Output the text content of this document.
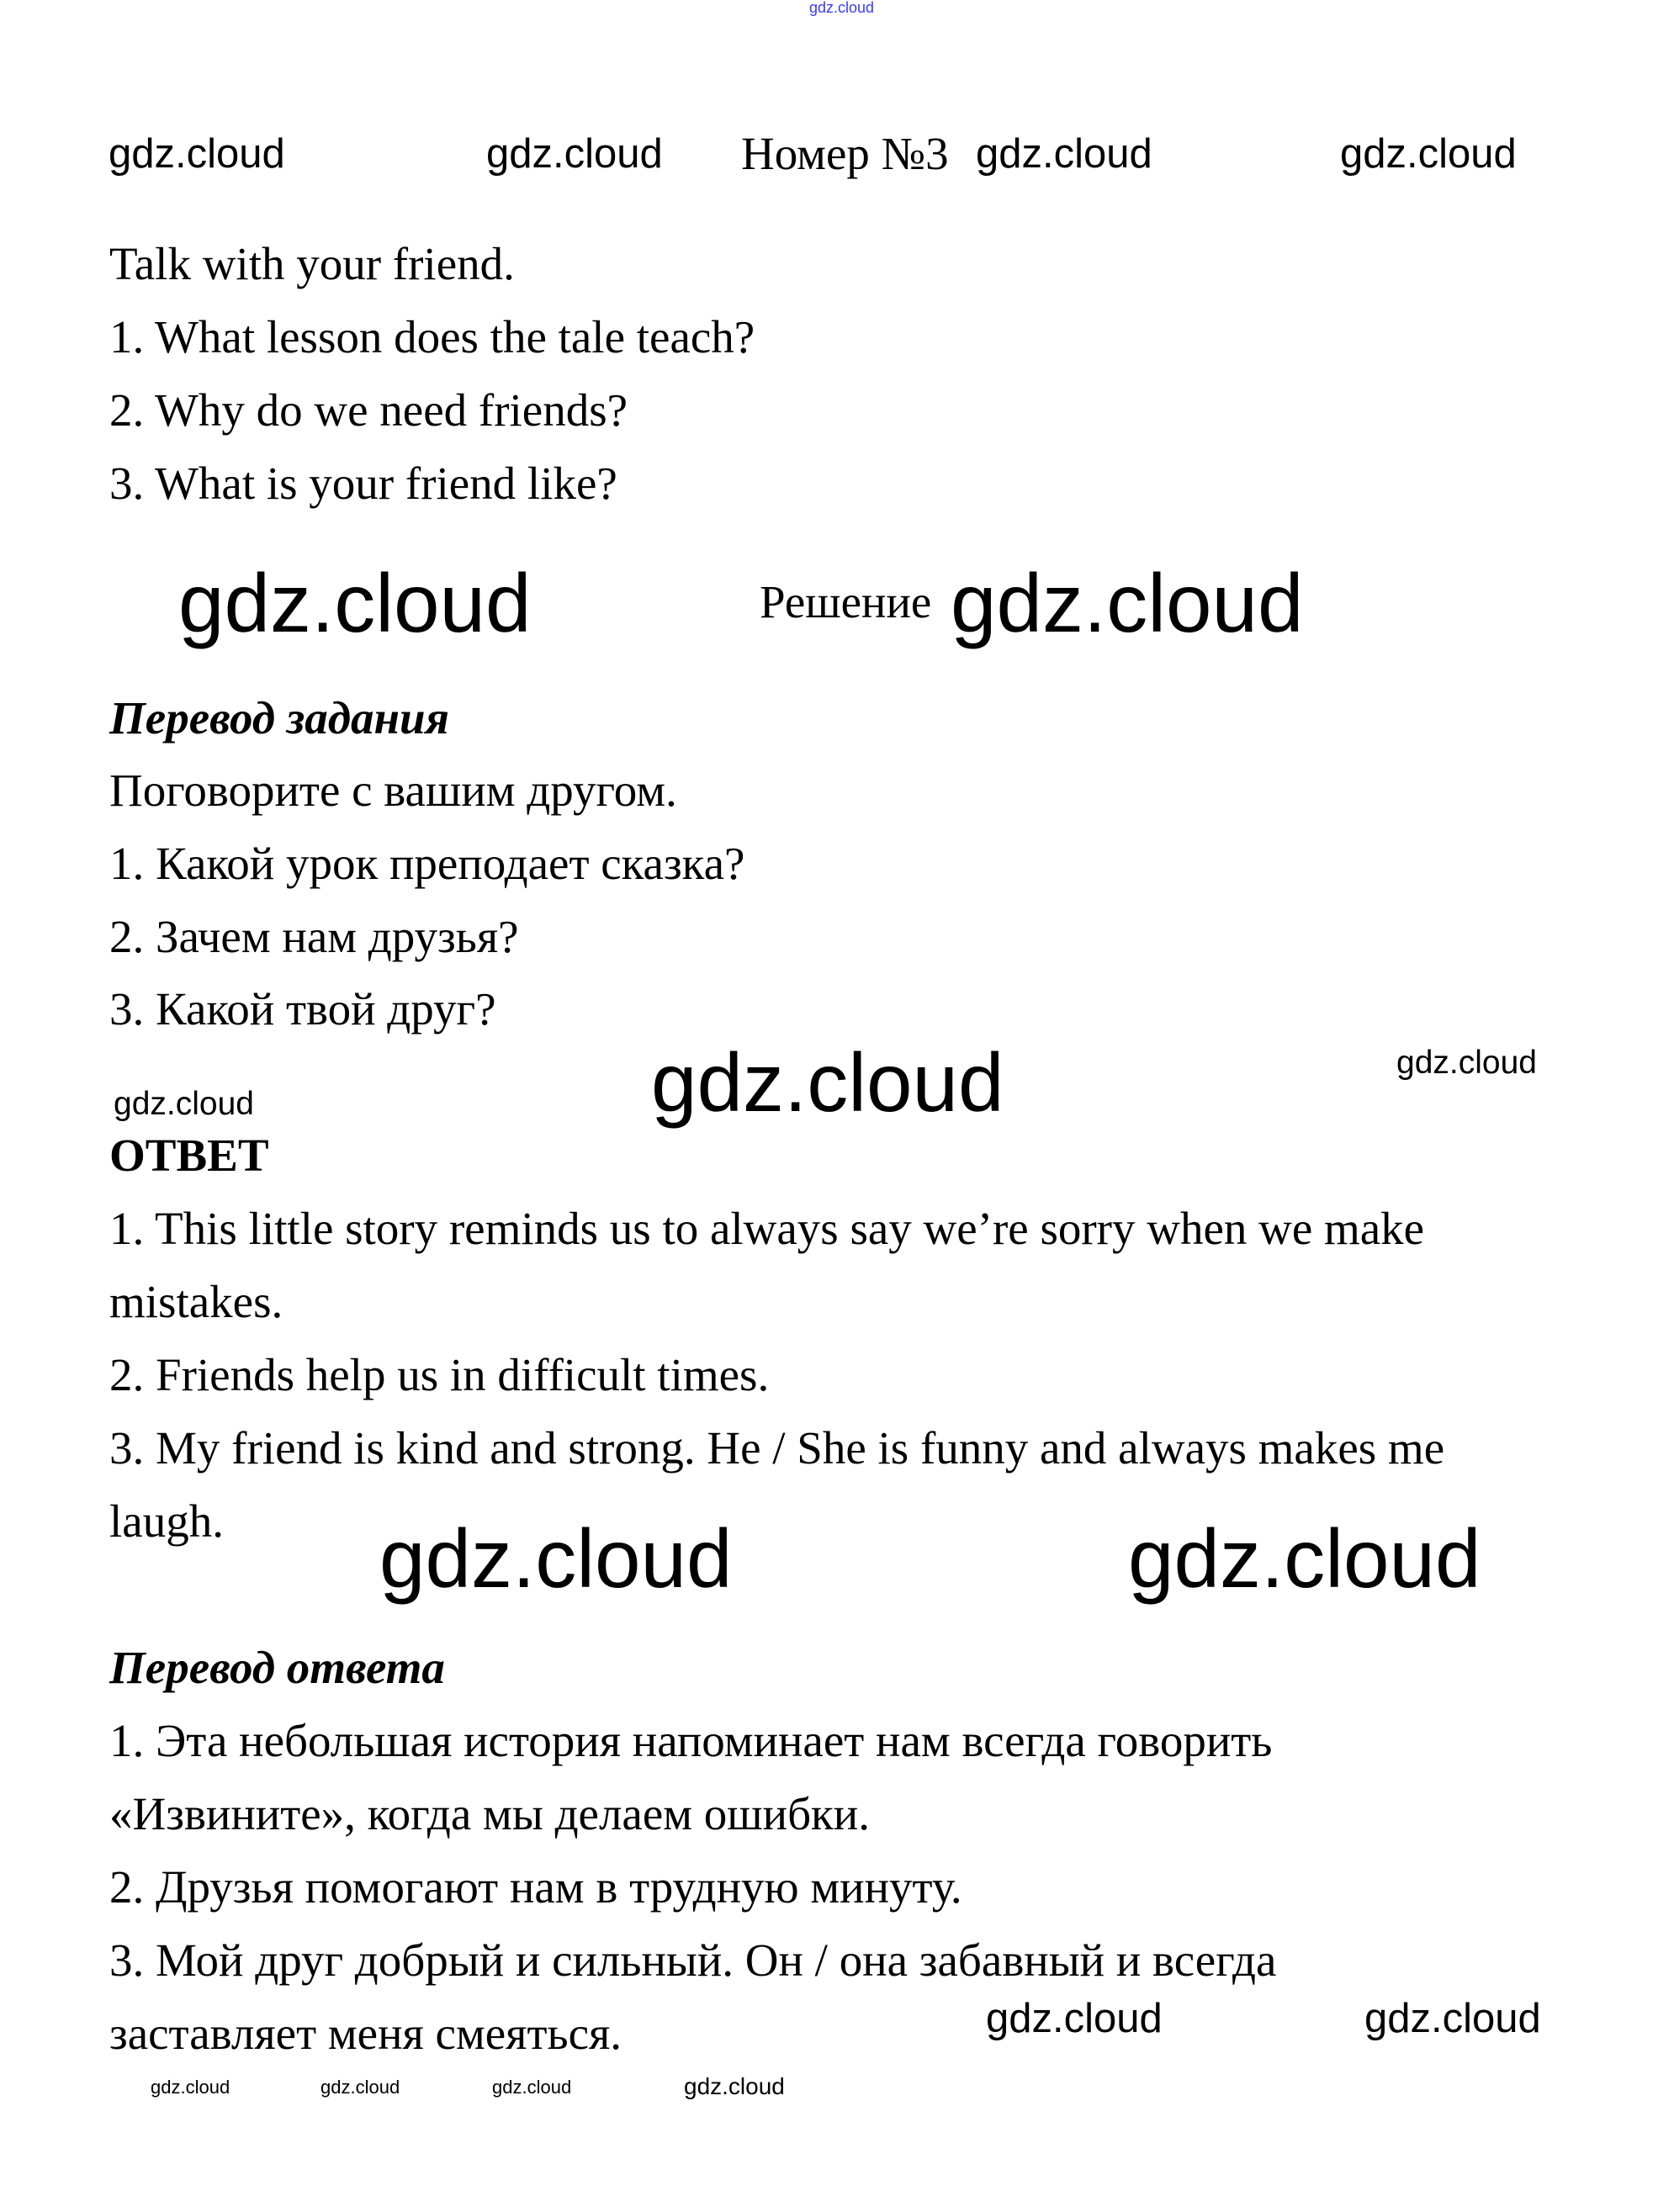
gdz.cloud
gdz.cloud	gdz.cloud Номер №3 gdz.cloud	gdz.cloud
Talk with your friend.
1. What lesson does the tale teach?
2. Why do we need friends?
3. What is your friend like?
gdz.cloud	Решение gdz.cloud
Перевод задания
Поговорите с вашим другом.
1. Какой урок преподает сказка?
2. Зачем нам друзья?
3. Какой твой друг?
gdz.cloud	gdz.cloud
gdz.cloud
ОТВЕТ
1. This little story reminds us to always say we’re sorry when we make
mistakes.
2. Friends help us in difficult times.
3. My friend is kind and strong. He / She is funny and always makes me
laugh. gdz.cloud	gdz.cloud
Перевод ответа
1. Эта небольшая история напоминает нам всегда говорить
«Извините», когда мы делаем ошибки.
2. Друзья помогают нам в трудную минуту.
3. Мой друг добрый и сильный. Он / она забавный и всегда
заставляет меня смеяться.
gdz.cloud	gdz.cloud	gdz.cloud	gdz.cloud
gdz.cloud	gdz.cloud
